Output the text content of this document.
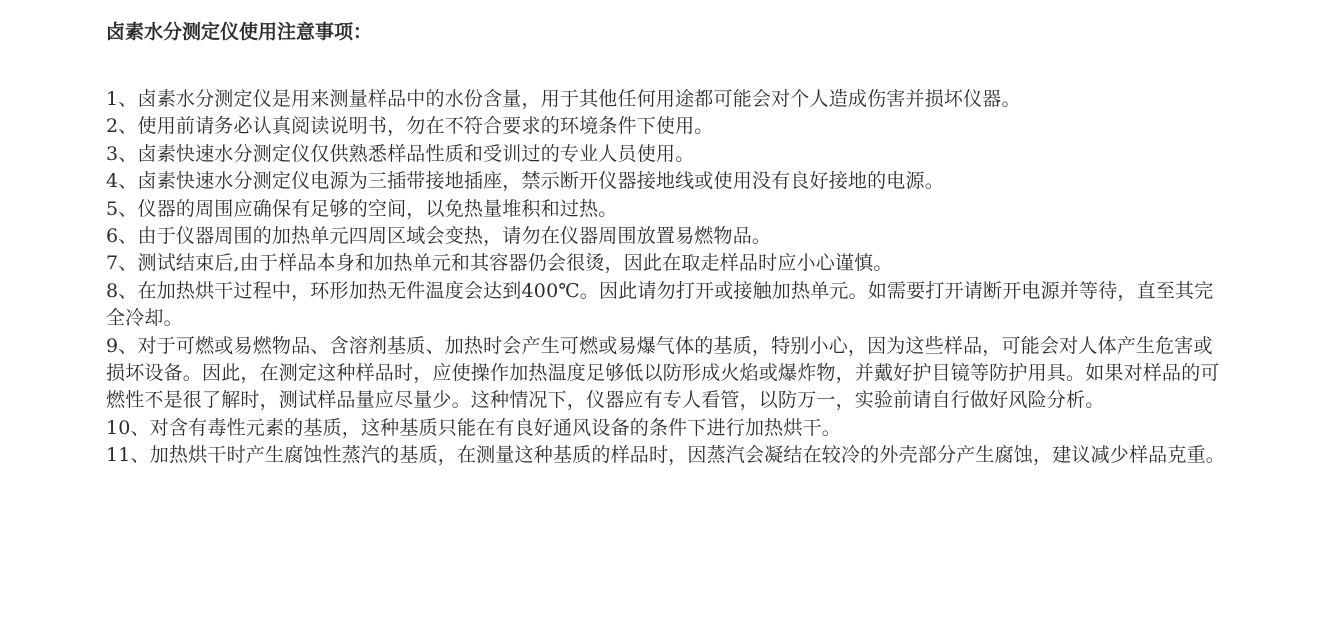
卤素水分测定仪使用注意事项：

1、卤素水分测定仪是用来测量样品中的水份含量，用于其他任何用途都可能会对个人造成伤害并损坏仪器。

2、使用前请务必认真阅读说明书，勿在不符合要求的环境条件下使用。

3、卤素快速水分测定仪仅供熟悉样品性质和受训过的专业人员使用。

4、卤素快速水分测定仪电源为三插带接地插座，禁示断开仪器接地线或使用没有良好接地的电源。

5、仪器的周围应确保有足够的空间，以免热量堆积和过热。

6、由于仪器周围的加热单元四周区域会变热，请勿在仪器周围放置易燃物品。

7、测试结束后,由于样品本身和加热单元和其容器仍会很烫，因此在取走样品时应小心谨慎。

8、在加热烘干过程中，环形加热无件温度会达到400℃。因此请勿打开或接触加热单元。如需要打开请断开电源并等待，直至其完全冷却。

9、对于可燃或易燃物品、含溶剂基质、加热时会产生可燃或易爆气体的基质，特别小心，因为这些样品，可能会对人体产生危害或损坏设备。因此，在测定这种样品时，应使操作加热温度足够低以防形成火焰或爆炸物，并戴好护目镜等防护用具。如果对样品的可燃性不是很了解时，测试样品量应尽量少。这种情况下，仪器应有专人看管，以防万一，实验前请自行做好风险分析。

10、对含有毒性元素的基质，这种基质只能在有良好通风设备的条件下进行加热烘干。

11、加热烘干时产生腐蚀性蒸汽的基质，在测量这种基质的样品时，因蒸汽会凝结在较冷的外壳部分产生腐蚀，建议减少样品克重。
